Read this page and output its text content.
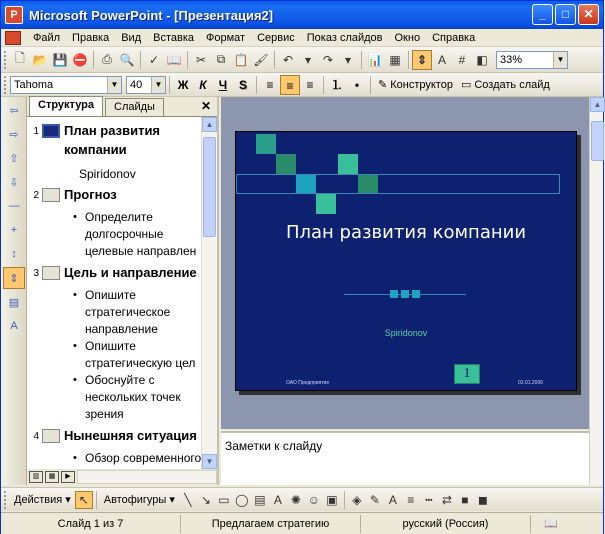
P Microsoft PowerPoint - [Презентация2]	_	□	✕
Файл	Правка	Вид	Вставка	Формат	Сервис	Показ слайдов	Окно	Справка
🗋 📂 💾 ⛔	⎙ 🔍	✓ 📖	✂ ⧉ 📋 🖌	↶ ▾ ↷ ▾	📊 ▦	⇕ A	# ◧	33%	▼
Tahoma	▼ 40	▼	Ж К	Ч S	≡	≡	≡	⒈ •	✎ Конструктор ▭ Создать слайд
⇦
⇨
⇧
⇩
—
+
↕
⇕
▤
A
Структура	Слайды	✕
1 План развития
компании
Spiridonov
2 Прогноз
• Определите
долгосрочные
целевые направлен
3 Цель и направление
• Опишите
стратегическое
направление
• Опишите
стратегическую цел
• Обоснуйте с
нескольких точек
зрения
4 Нынешняя ситуация
• Обзор современного
▲
▼
▥	▦	▶
План развития компании
Spiridonov
ОАО Предприятие	02.01.2006
1
▲
Заметки к слайду
Действия ▾ ↖	Автофигуры ▾ ╲ ↘ ▭ ◯ ▤ A ✺ ☺ ▣	◈ ✎ A ≡ ┅ ⇄ ■ ◼
Слайд 1 из 7	Предлагаем стратегию	русский (Россия)	📖
